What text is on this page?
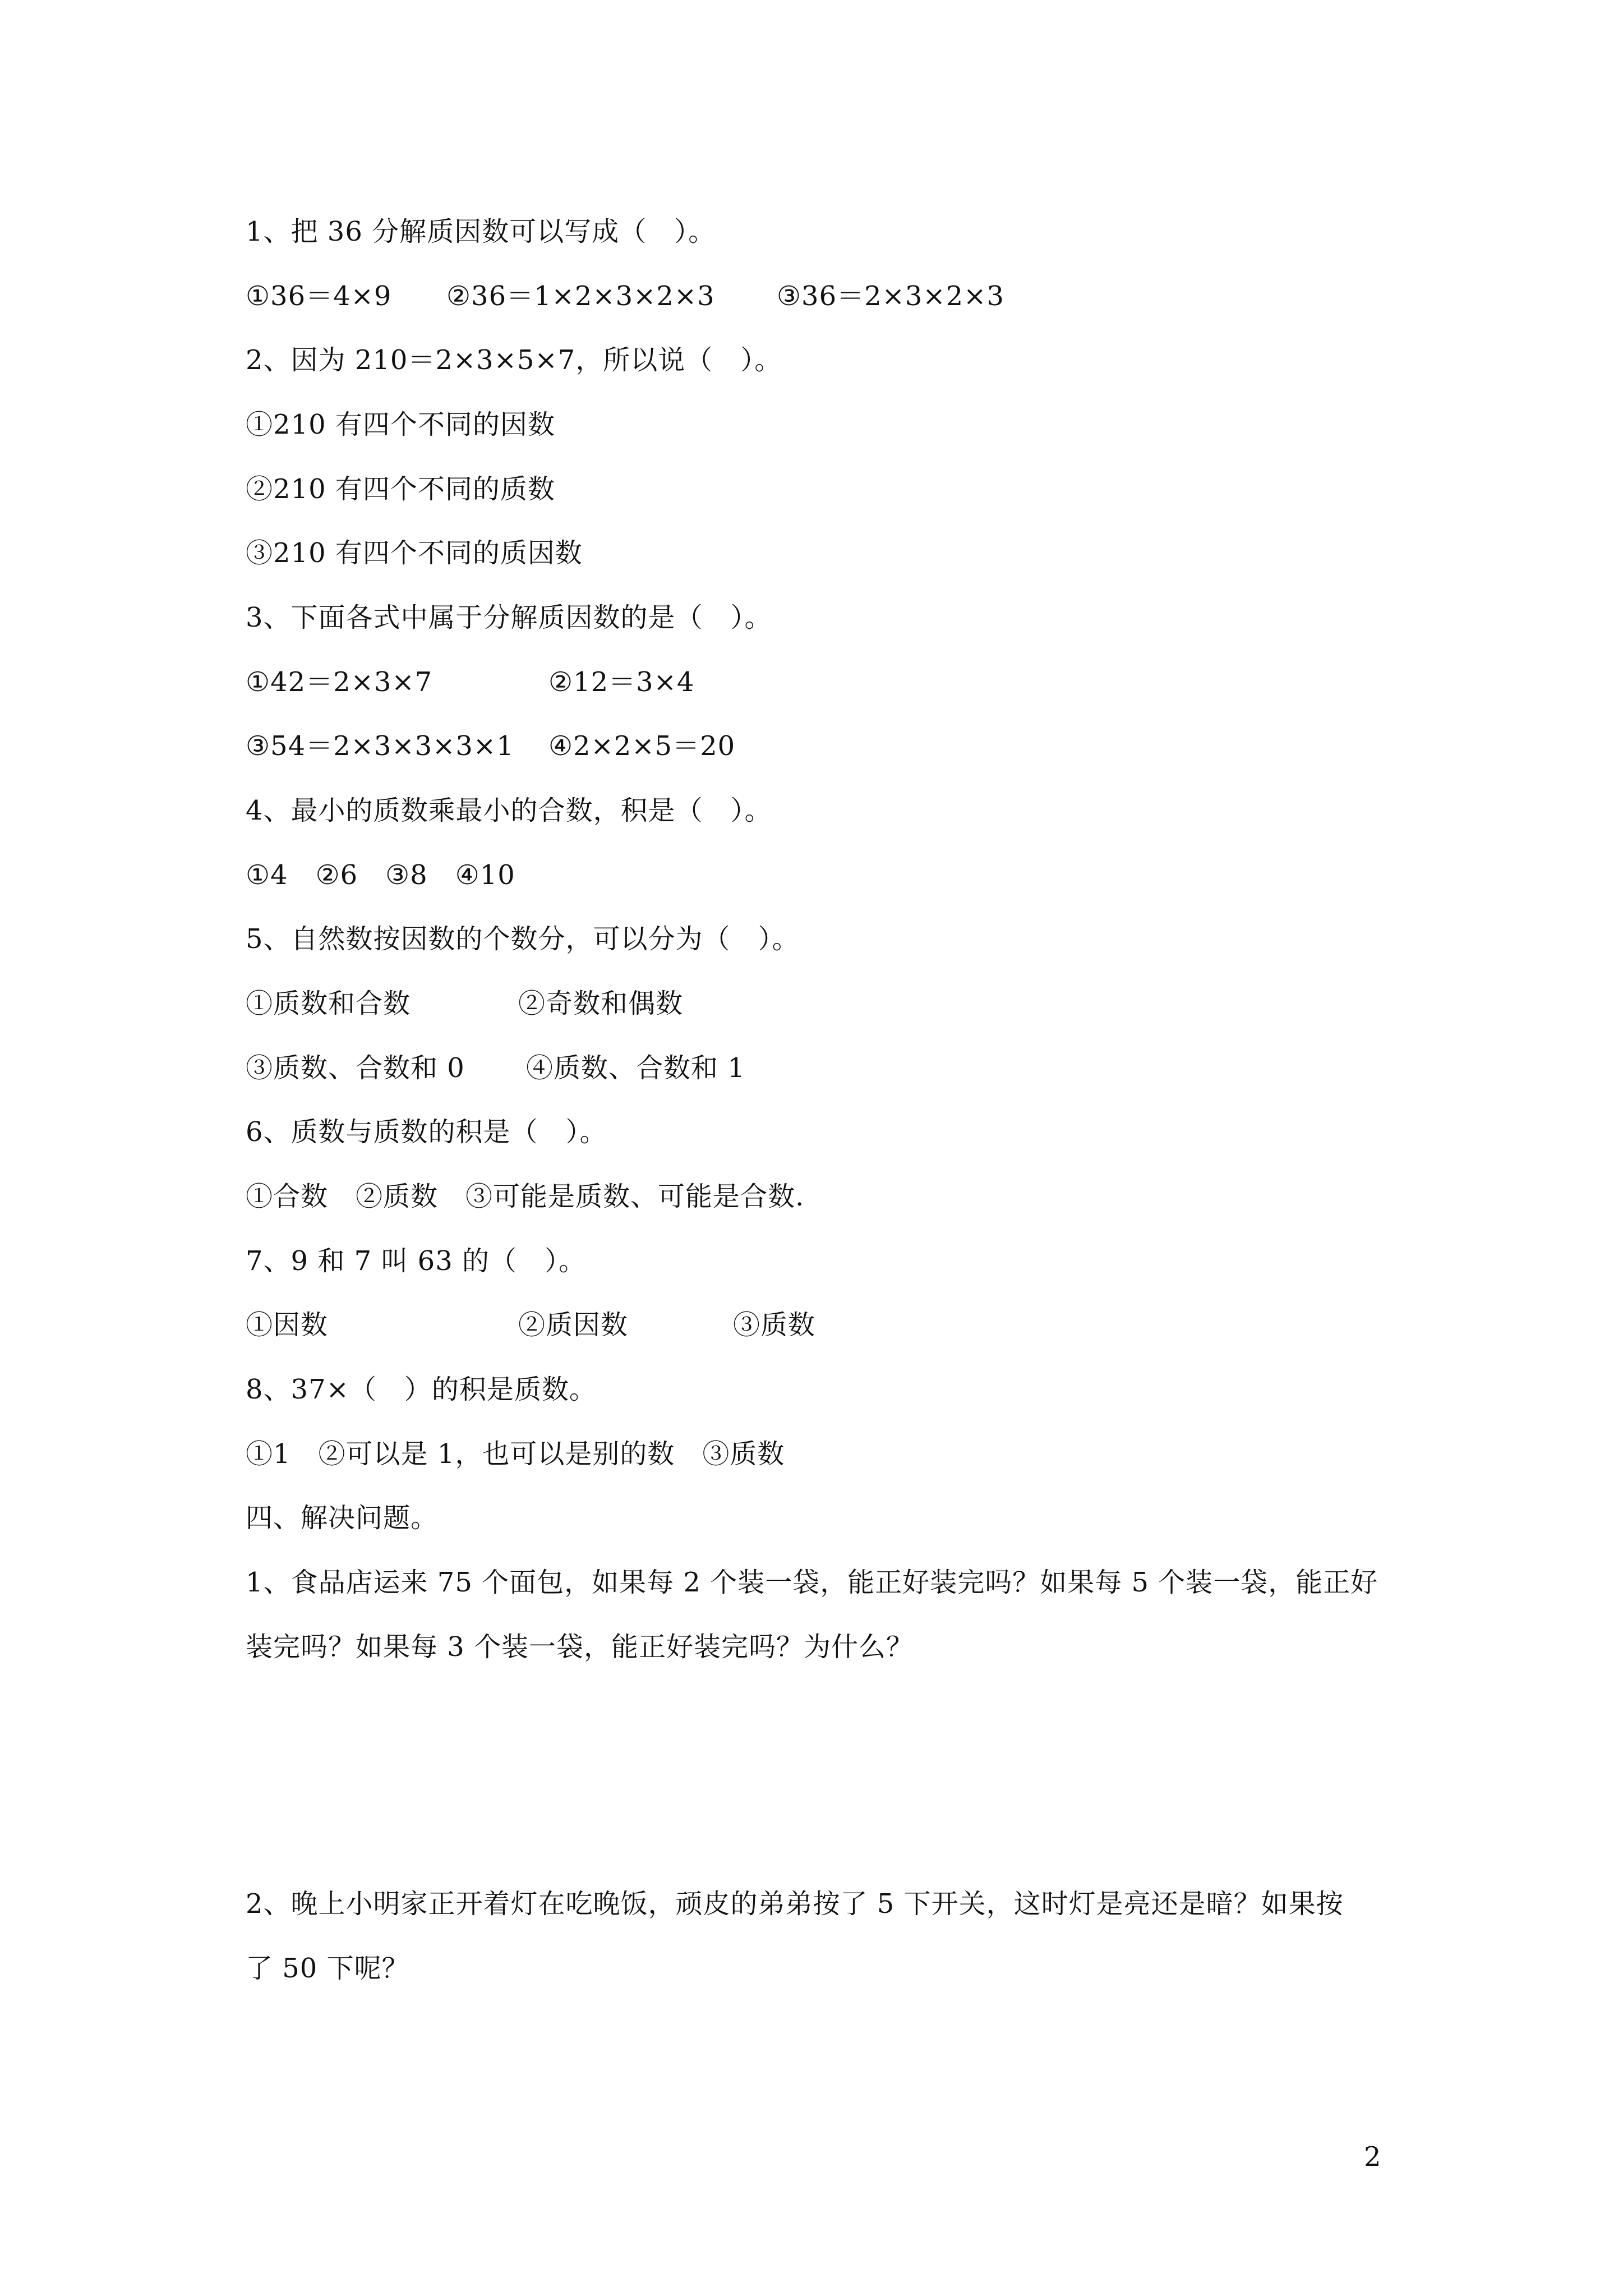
1、把 36 分解质因数可以写成（　）。
①36＝4×9 ②36＝1×2×3×2×3 ③36＝2×3×2×3
2、因为 210＝2×3×5×7，所以说（　）。
①210 有四个不同的因数
②210 有四个不同的质数
③210 有四个不同的质因数
3、下面各式中属于分解质因数的是（　）。
①42＝2×3×7	②12＝3×4
③54＝2×3×3×3×1 ④2×2×5＝20
4、最小的质数乘最小的合数，积是（　）。
①4　②6　③8　④10
5、自然数按因数的个数分，可以分为（　）。
①质数和合数	②奇数和偶数
③质数、合数和 0 ④质数、合数和 1
6、质数与质数的积是（　）。
①合数　②质数　③可能是质数、可能是合数.
7、9 和 7 叫 63 的（　）。
①因数	②质因数	③质数
8、37×（　）的积是质数。
①1　②可以是 1，也可以是别的数　③质数
四、解决问题。
1、食品店运来 75 个面包，如果每 2 个装一袋，能正好装完吗？如果每 5 个装一袋，能正好
装完吗？如果每 3 个装一袋，能正好装完吗？为什么？
2、晚上小明家正开着灯在吃晚饭，顽皮的弟弟按了 5 下开关，这时灯是亮还是暗？如果按
了 50 下呢？
2
